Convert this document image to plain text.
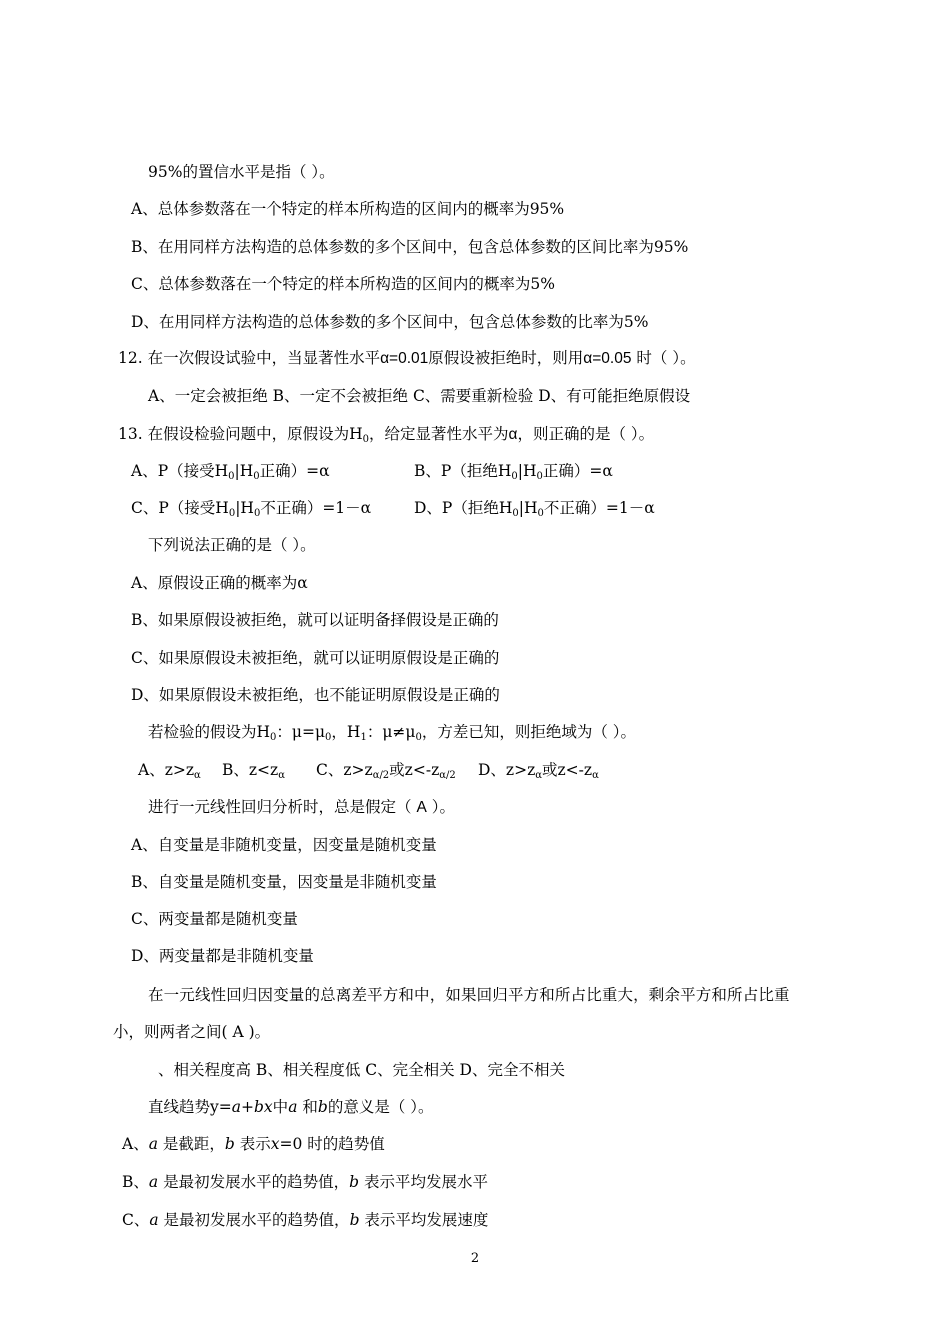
95%的置信水平是指（ ）。
A、总体参数落在一个特定的样本所构造的区间内的概率为95%
B、在用同样方法构造的总体参数的多个区间中，包含总体参数的区间比率为95%
C、总体参数落在一个特定的样本所构造的区间内的概率为5%
D、在用同样方法构造的总体参数的多个区间中，包含总体参数的比率为5%
12. 在一次假设试验中，当显著性水平α=0.01原假设被拒绝时，则用α=0.05 时（ ）。
A、一定会被拒绝 B、一定不会被拒绝 C、需要重新检验 D、有可能拒绝原假设
13. 在假设检验问题中，原假设为$H_0$，给定显著性水平为α，则正确的是（ ）。
A、P（接受$H_0|H_0$正确）=α	B、P（拒绝$H_0|H_0$正确）=α
C、P（接受$H_0|H_0$不正确）=1－α	D、P（拒绝$H_0|H_0$不正确）=1－α
下列说法正确的是（ ）。
A、原假设正确的概率为α
B、如果原假设被拒绝，就可以证明备择假设是正确的
C、如果原假设未被拒绝，就可以证明原假设是正确的
D、如果原假设未被拒绝，也不能证明原假设是正确的
若检验的假设为$H_0$：$\mu=\mu_0$，$H_1$：$\mu\ne\mu_0$，方差已知，则拒绝域为（ ）。
A、$z>z_\alpha$ B、$z<z_\alpha$ C、$z>z_{\alpha/2}$或$z<-z_{\alpha/2}$ D、$z>z_\alpha$或$z<-z_\alpha$
进行一元线性回归分析时，总是假定（ A ）。
A、自变量是非随机变量，因变量是随机变量
B、自变量是随机变量，因变量是非随机变量
C、两变量都是随机变量
D、两变量都是非随机变量
在一元线性回归因变量的总离差平方和中，如果回归平方和所占比重大，剩余平方和所占比重
小，则两者之间( A )。
、相关程度高 B、相关程度低 C、完全相关 D、完全不相关
直线趋势y=a+bx中a 和b的意义是（ ）。
A、a 是截距，b 表示x=0 时的趋势值
B、a 是最初发展水平的趋势值，b 表示平均发展水平
C、a 是最初发展水平的趋势值，b 表示平均发展速度
2
